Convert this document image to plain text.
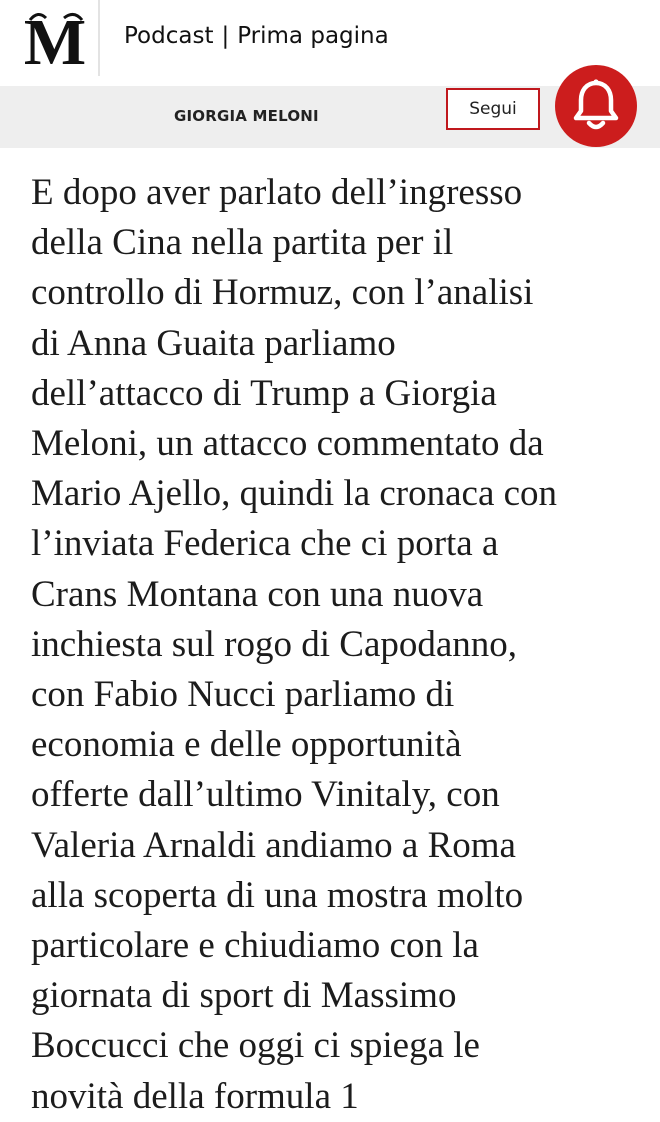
M Podcast | Prima pagina
GIORGIA MELONI	Segui

E dopo aver parlato dell’ingresso
della Cina nella partita per il
controllo di Hormuz, con l’analisi
di Anna Guaita parliamo
dell’attacco di Trump a Giorgia
Meloni, un attacco commentato da
Mario Ajello, quindi la cronaca con
l’inviata Federica che ci porta a
Crans Montana con una nuova
inchiesta sul rogo di Capodanno,
con Fabio Nucci parliamo di
economia e delle opportunità
offerte dall’ultimo Vinitaly, con
Valeria Arnaldi andiamo a Roma
alla scoperta di una mostra molto
particolare e chiudiamo con la
giornata di sport di Massimo
Boccucci che oggi ci spiega le
novità della formula 1
